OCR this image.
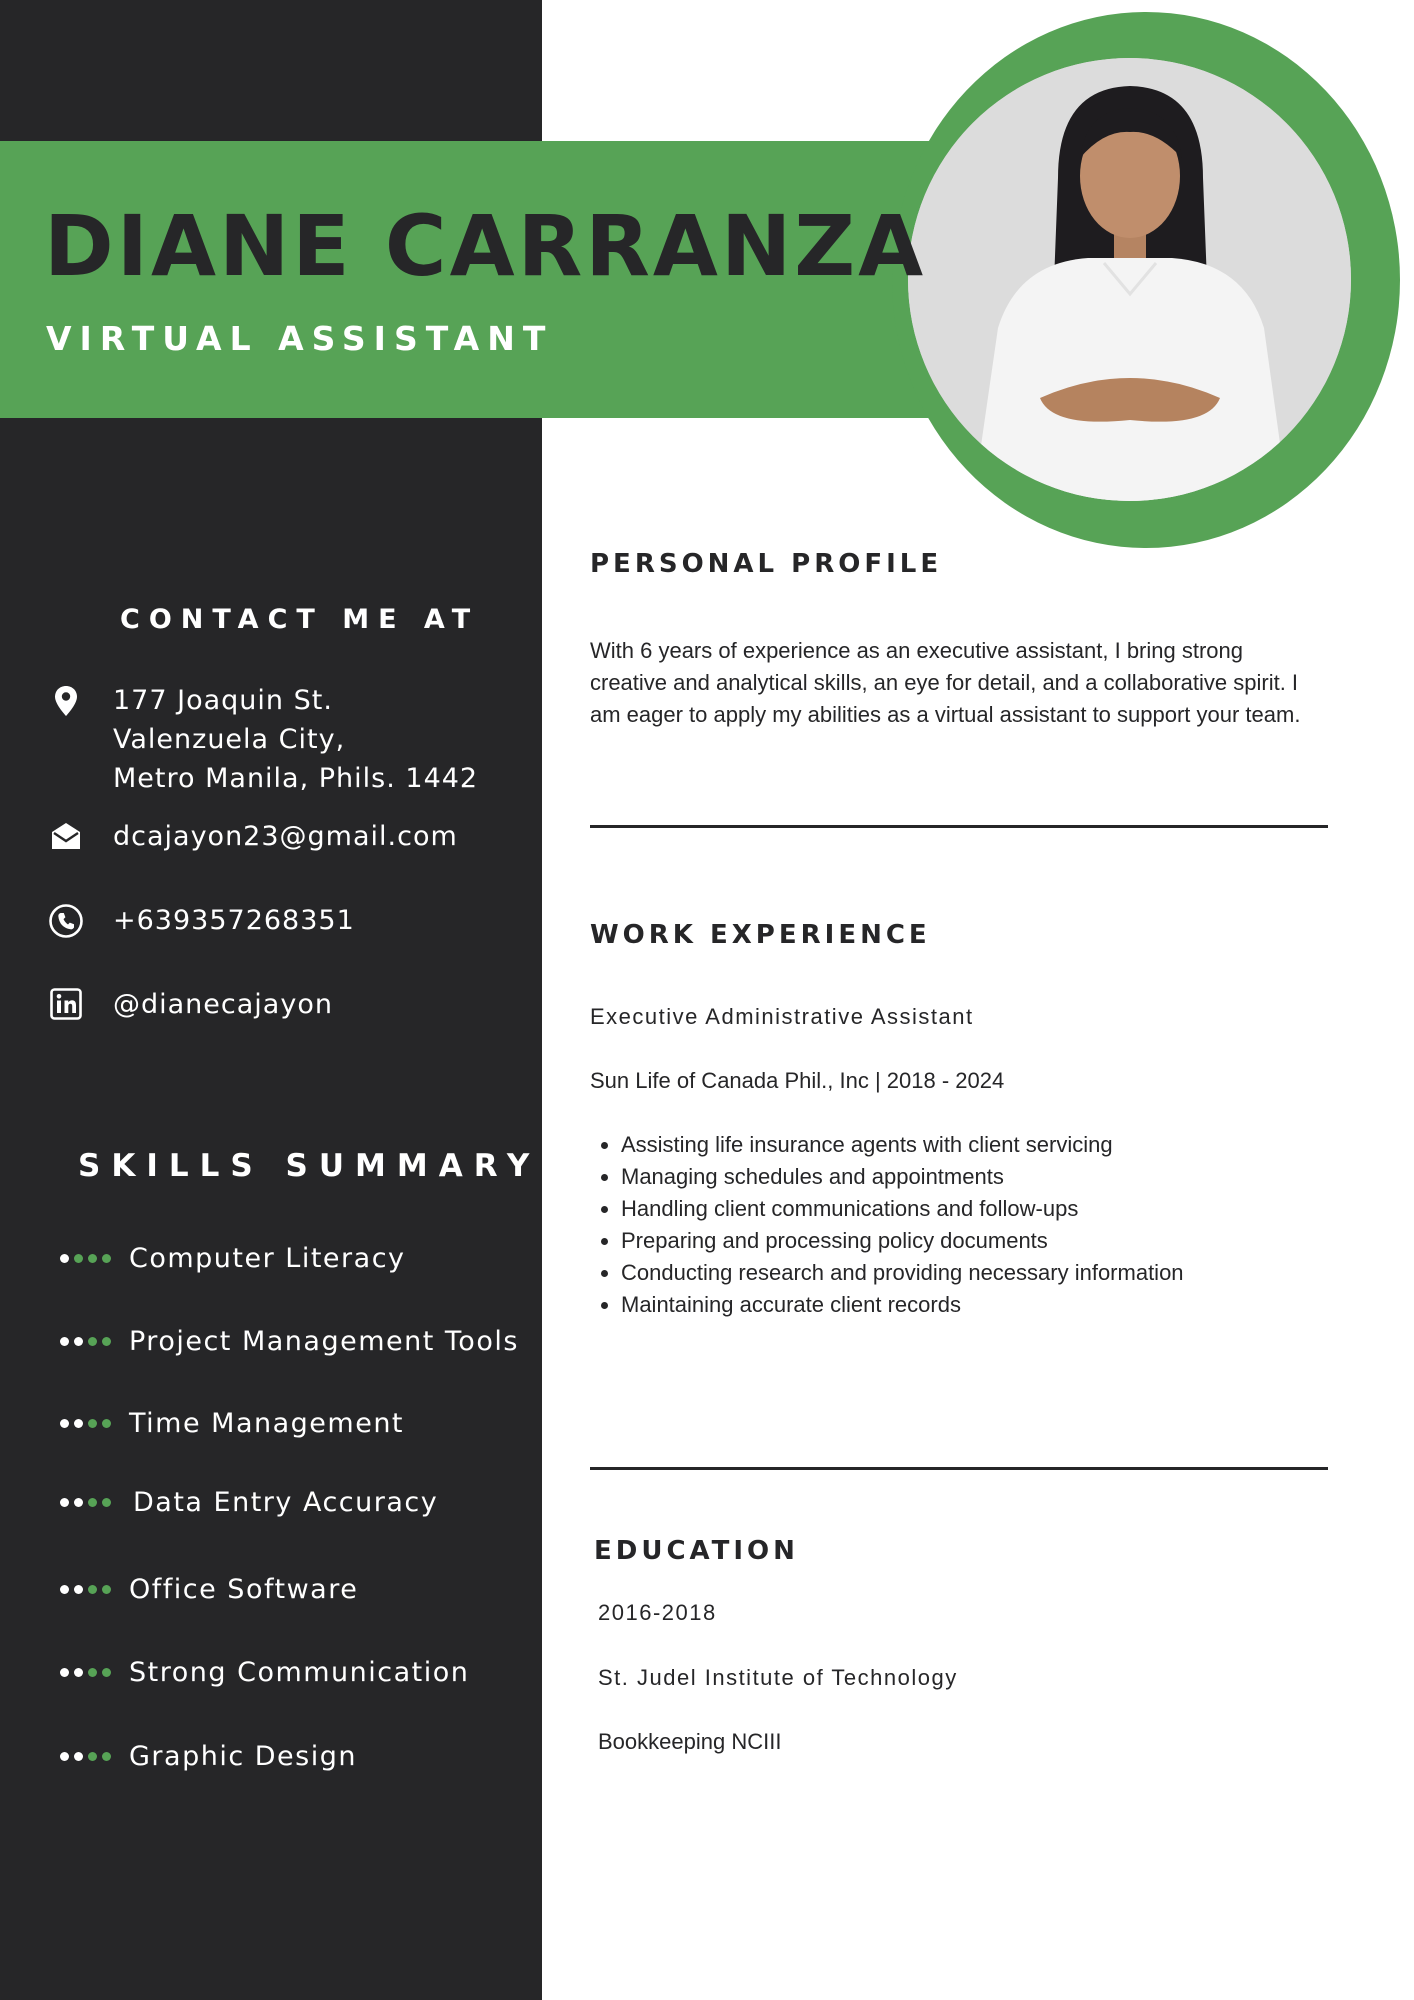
DIANE CARRANZA
VIRTUAL ASSISTANT
CONTACT ME AT
177 Joaquin St.
Valenzuela City,
Metro Manila, Phils. 1442
dcajayon23@gmail.com
+639357268351
@dianecajayon
SKILLS SUMMARY
Computer Literacy
Project Management Tools
Time Management
Data Entry Accuracy
Office Software
Strong Communication
Graphic Design
PERSONAL PROFILE
With 6 years of experience as an executive assistant, I bring strong
creative and analytical skills, an eye for detail, and a collaborative spirit. I
am eager to apply my abilities as a virtual assistant to support your team.
WORK EXPERIENCE
Executive Administrative Assistant
Sun Life of Canada Phil., Inc | 2018 - 2024
• Assisting life insurance agents with client servicing
• Managing schedules and appointments
• Handling client communications and follow-ups
• Preparing and processing policy documents
• Conducting research and providing necessary information
• Maintaining accurate client records
EDUCATION
2016-2018
St. Judel Institute of Technology
Bookkeeping NCIII
